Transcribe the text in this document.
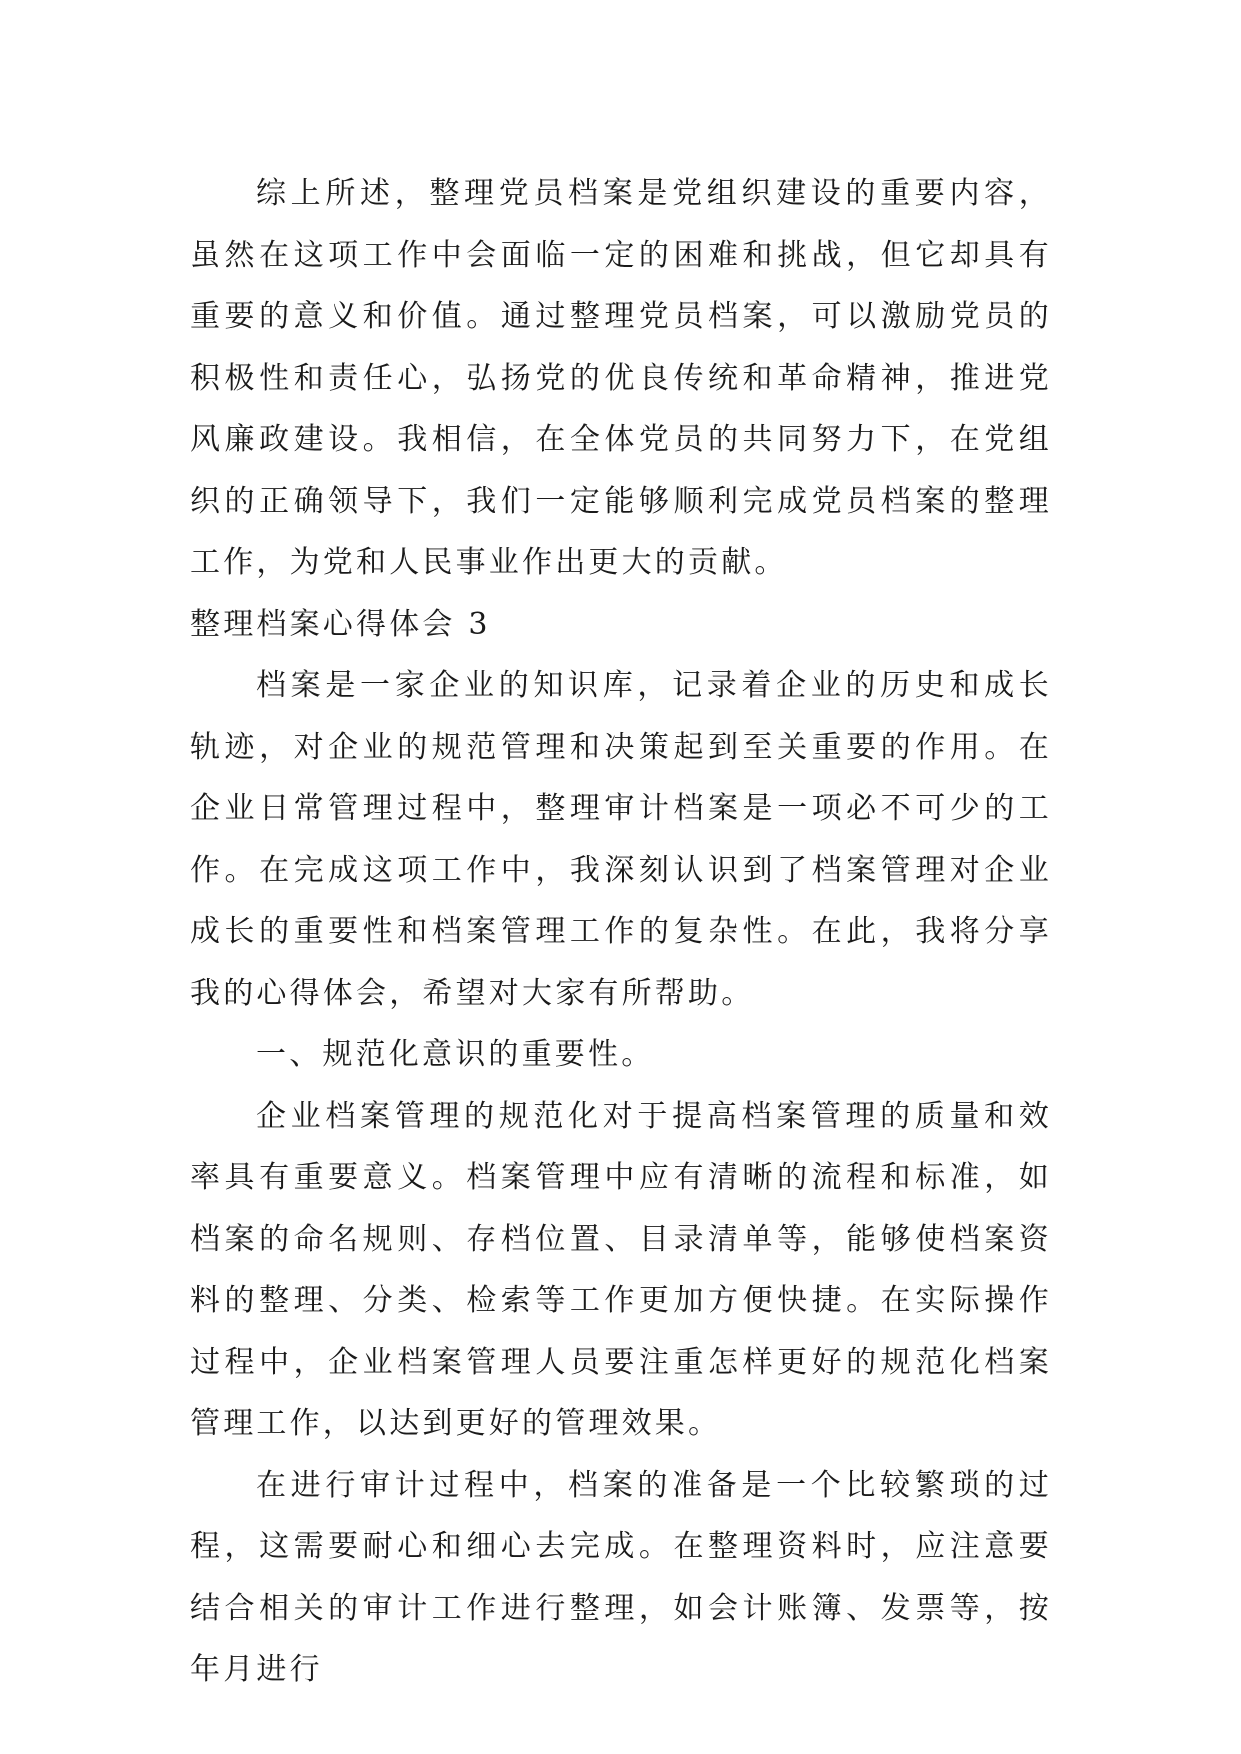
综上所述，整理党员档案是党组织建设的重要内容，虽然在这项工作中会面临一定的困难和挑战，但它却具有重要的意义和价值。通过整理党员档案，可以激励党员的积极性和责任心，弘扬党的优良传统和革命精神，推进党风廉政建设。我相信，在全体党员的共同努力下，在党组织的正确领导下，我们一定能够顺利完成党员档案的整理工作，为党和人民事业作出更大的贡献。

整理档案心得体会 3

档案是一家企业的知识库，记录着企业的历史和成长轨迹，对企业的规范管理和决策起到至关重要的作用。在企业日常管理过程中，整理审计档案是一项必不可少的工作。在完成这项工作中，我深刻认识到了档案管理对企业成长的重要性和档案管理工作的复杂性。在此，我将分享我的心得体会，希望对大家有所帮助。

一、规范化意识的重要性。

企业档案管理的规范化对于提高档案管理的质量和效率具有重要意义。档案管理中应有清晰的流程和标准，如档案的命名规则、存档位置、目录清单等，能够使档案资料的整理、分类、检索等工作更加方便快捷。在实际操作过程中，企业档案管理人员要注重怎样更好的规范化档案管理工作，以达到更好的管理效果。

在进行审计过程中，档案的准备是一个比较繁琐的过程，这需要耐心和细心去完成。在整理资料时，应注意要结合相关的审计工作进行整理，如会计账簿、发票等，按年月进行
